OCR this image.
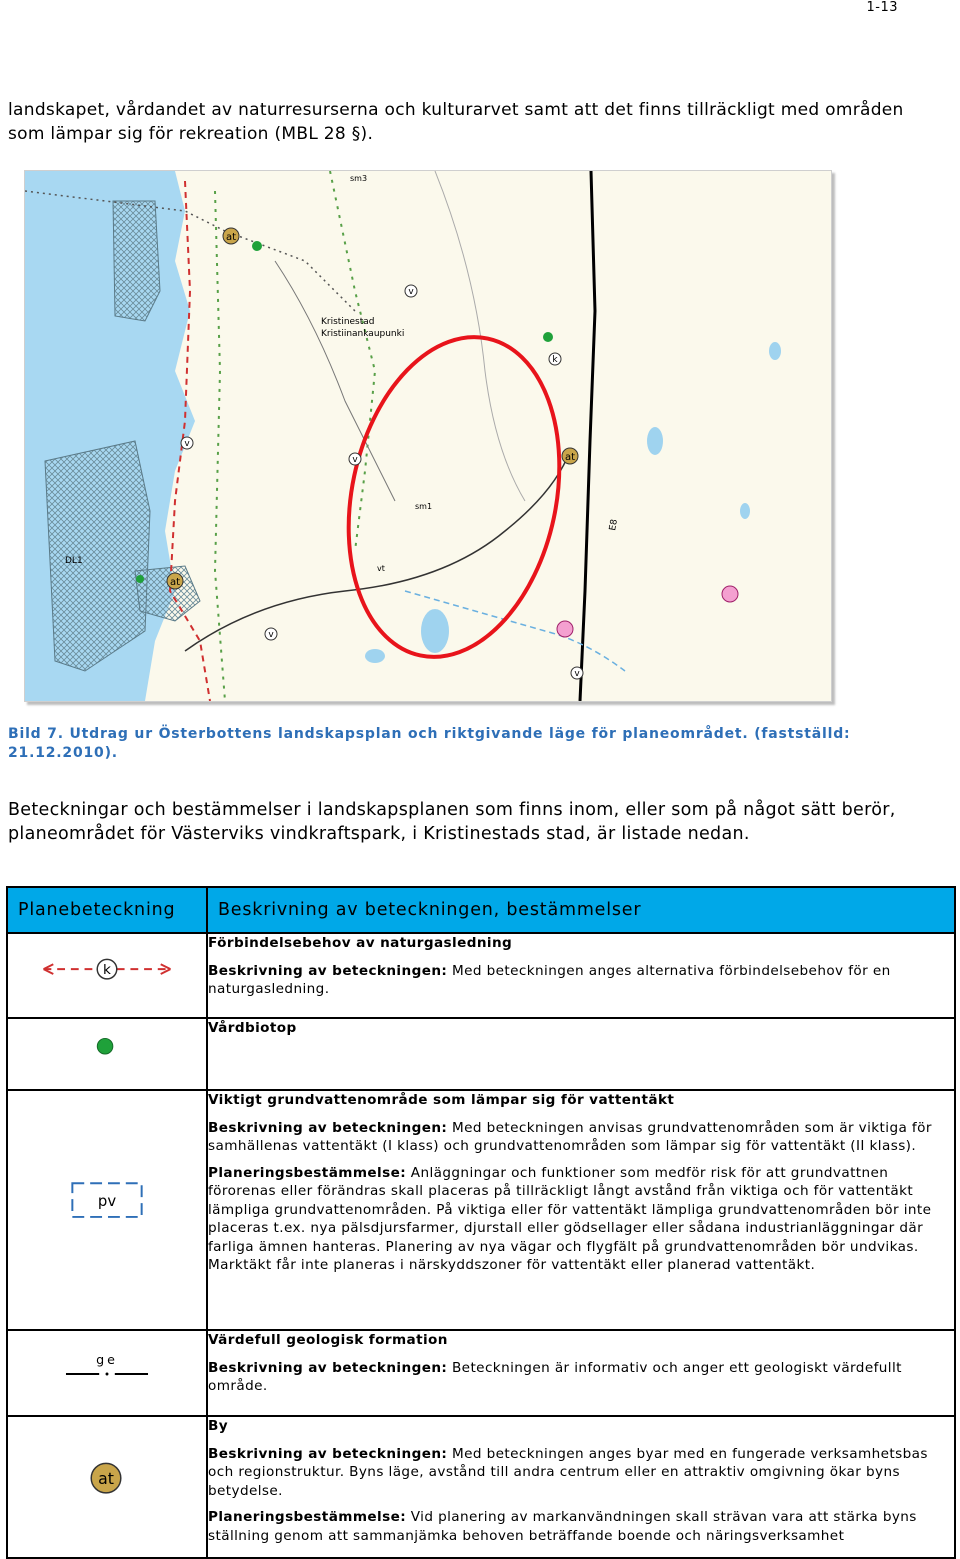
1-13

landskapet, vårdandet av naturresurserna och kulturarvet samt att det finns tillräckligt med områden som lämpar sig för rekreation (MBL 28 §).

at
at
at
v
v
v
v
v
k
Kristinestad
Kristiinankaupunki
sm1
sm3
E8
DL1
vt

Bild 7. Utdrag ur Österbottens landskapsplan och riktgivande läge för planeområdet. (fastställd: 21.12.2010).

Beteckningar och bestämmelser i landskapsplanen som finns inom, eller som på något sätt berör, planeområdet för Västerviks vindkraftspark, i Kristinestads stad, är listade nedan.

Planebeteckning	Beskrivning av beteckningen, bestämmelser

k	Förbindelsebehov av naturgasledning

Beskrivning av beteckningen: Med beteckningen anges alternativa förbindelsebehov för en naturgasledning.

Vårdbiotop

pv	Viktigt grundvattenområde som lämpar sig för vattentäkt

Beskrivning av beteckningen: Med beteckningen anvisas grundvattenområden som är viktiga för samhällenas vattentäkt (I klass) och grundvattenområden som lämpar sig för vattentäkt (II klass).

Planeringsbestämmelse: Anläggningar och funktioner som medför risk för att grundvattnen förorenas eller förändras skall placeras på tillräckligt långt avstånd från viktiga och för vattentäkt lämpliga grundvattenområden. På viktiga eller för vattentäkt lämpliga grundvattenområden bör inte placeras t.ex. nya pälsdjursfarmer, djurstall eller gödsellager eller sådana industrianläggningar där farliga ämnen hanteras. Planering av nya vägar och flygfält på grundvattenområden bör undvikas. Marktäkt får inte planeras i närskyddszoner för vattentäkt eller planerad vattentäkt.

ge	Värdefull geologisk formation

Beskrivning av beteckningen: Beteckningen är informativ och anger ett geologiskt värdefullt område.

at	By

Beskrivning av beteckningen: Med beteckningen anges byar med en fungerade verksamhetsbas och regionstruktur. Byns läge, avstånd till andra centrum eller en attraktiv omgivning ökar byns betydelse.

Planeringsbestämmelse: Vid planering av markanvändningen skall strävan vara att stärka byns ställning genom att sammanjämka behoven beträffande boende och näringsverksamhet
